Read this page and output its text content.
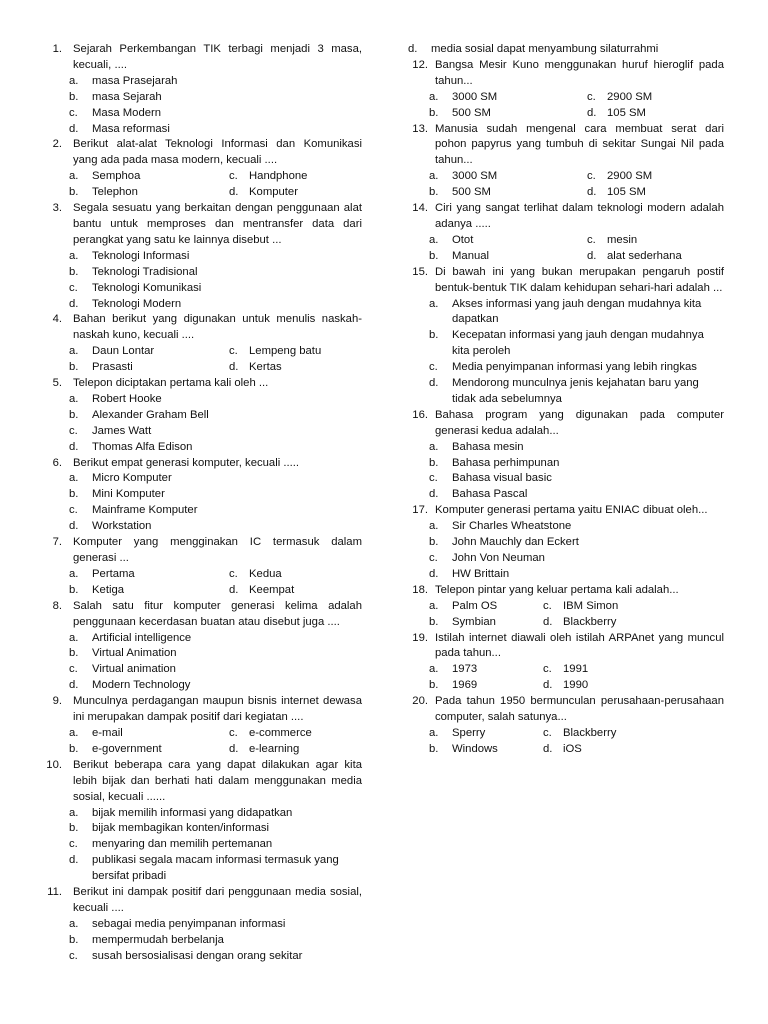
1. Sejarah Perkembangan TIK terbagi menjadi 3 masa, kecuali, ....
a. masa Prasejarah
b. masa Sejarah
c. Masa Modern
d. Masa reformasi
2. Berikut alat-alat Teknologi Informasi dan Komunikasi yang ada pada masa modern, kecuali ....
a. Semphoa	c. Handphone
b. Telephon	d. Komputer
3. Segala sesuatu yang berkaitan dengan penggunaan alat bantu untuk memproses dan mentransfer data dari perangkat yang satu ke lainnya disebut ...
a. Teknologi Informasi
b. Teknologi Tradisional
c. Teknologi Komunikasi
d. Teknologi Modern
4. Bahan berikut yang digunakan untuk menulis naskah-naskah kuno, kecuali ....
a. Daun Lontar	c. Lempeng batu
b. Prasasti	d. Kertas
5. Telepon diciptakan pertama kali oleh ...
a. Robert Hooke
b. Alexander Graham Bell
c. James Watt
d. Thomas Alfa Edison
6. Berikut empat generasi komputer, kecuali .....
a. Micro Komputer
b. Mini Komputer
c. Mainframe Komputer
d. Workstation
7. Komputer yang mengginakan IC termasuk dalam generasi ...
a. Pertama	c. Kedua
b. Ketiga	d. Keempat
8. Salah satu fitur komputer generasi kelima adalah penggunaan kecerdasan buatan atau disebut juga ....
a. Artificial intelligence
b. Virtual Animation
c. Virtual animation
d. Modern Technology
9. Munculnya perdagangan maupun bisnis internet dewasa ini merupakan dampak positif dari kegiatan ....
a. e-mail	c. e-commerce
b. e-government	d. e-learning
10. Berikut beberapa cara yang dapat dilakukan agar kita lebih bijak dan berhati hati dalam menggunakan media sosial, kecuali ......
a. bijak memilih informasi yang didapatkan
b. bijak membagikan konten/informasi
c. menyaring dan memilih pertemanan
d. publikasi segala macam informasi termasuk yang bersifat pribadi
11. Berikut ini dampak positif dari penggunaan media sosial, kecuali ....
a. sebagai media penyimpanan informasi
b. mempermudah berbelanja
c. susah bersosialisasi dengan orang sekitar
d. media sosial dapat menyambung silaturrahmi
12. Bangsa Mesir Kuno menggunakan huruf hieroglif pada tahun...
a. 3000 SM	c. 2900 SM
b. 500 SM	d. 105 SM
13. Manusia sudah mengenal cara membuat serat dari pohon papyrus yang tumbuh di sekitar Sungai Nil pada tahun...
a. 3000 SM	c. 2900 SM
b. 500 SM	d. 105 SM
14. Ciri yang sangat terlihat dalam teknologi modern adalah adanya .....
a. Otot	c. mesin
b. Manual	d. alat sederhana
15. Di bawah ini yang bukan merupakan pengaruh postif bentuk-bentuk TIK dalam kehidupan sehari-hari adalah ...
a. Akses informasi yang jauh dengan mudahnya kita dapatkan
b. Kecepatan informasi yang jauh dengan mudahnya kita peroleh
c. Media penyimpanan informasi yang lebih ringkas
d. Mendorong munculnya jenis kejahatan baru yang tidak ada sebelumnya
16. Bahasa program yang digunakan pada computer generasi kedua adalah...
a. Bahasa mesin
b. Bahasa perhimpunan
c. Bahasa visual basic
d. Bahasa Pascal
17. Komputer generasi pertama yaitu ENIAC dibuat oleh...
a. Sir Charles Wheatstone
b. John Mauchly dan Eckert
c. John Von Neuman
d. HW Brittain
18. Telepon pintar yang keluar pertama kali adalah...
a. Palm OS	c. IBM Simon
b. Symbian	d. Blackberry
19. Istilah internet diawali oleh istilah ARPAnet yang muncul pada tahun...
a. 1973	c. 1991
b. 1969	d. 1990
20. Pada tahun 1950 bermunculan perusahaan-perusahaan computer, salah satunya...
a. Sperry	c. Blackberry
b. Windows	d. iOS
